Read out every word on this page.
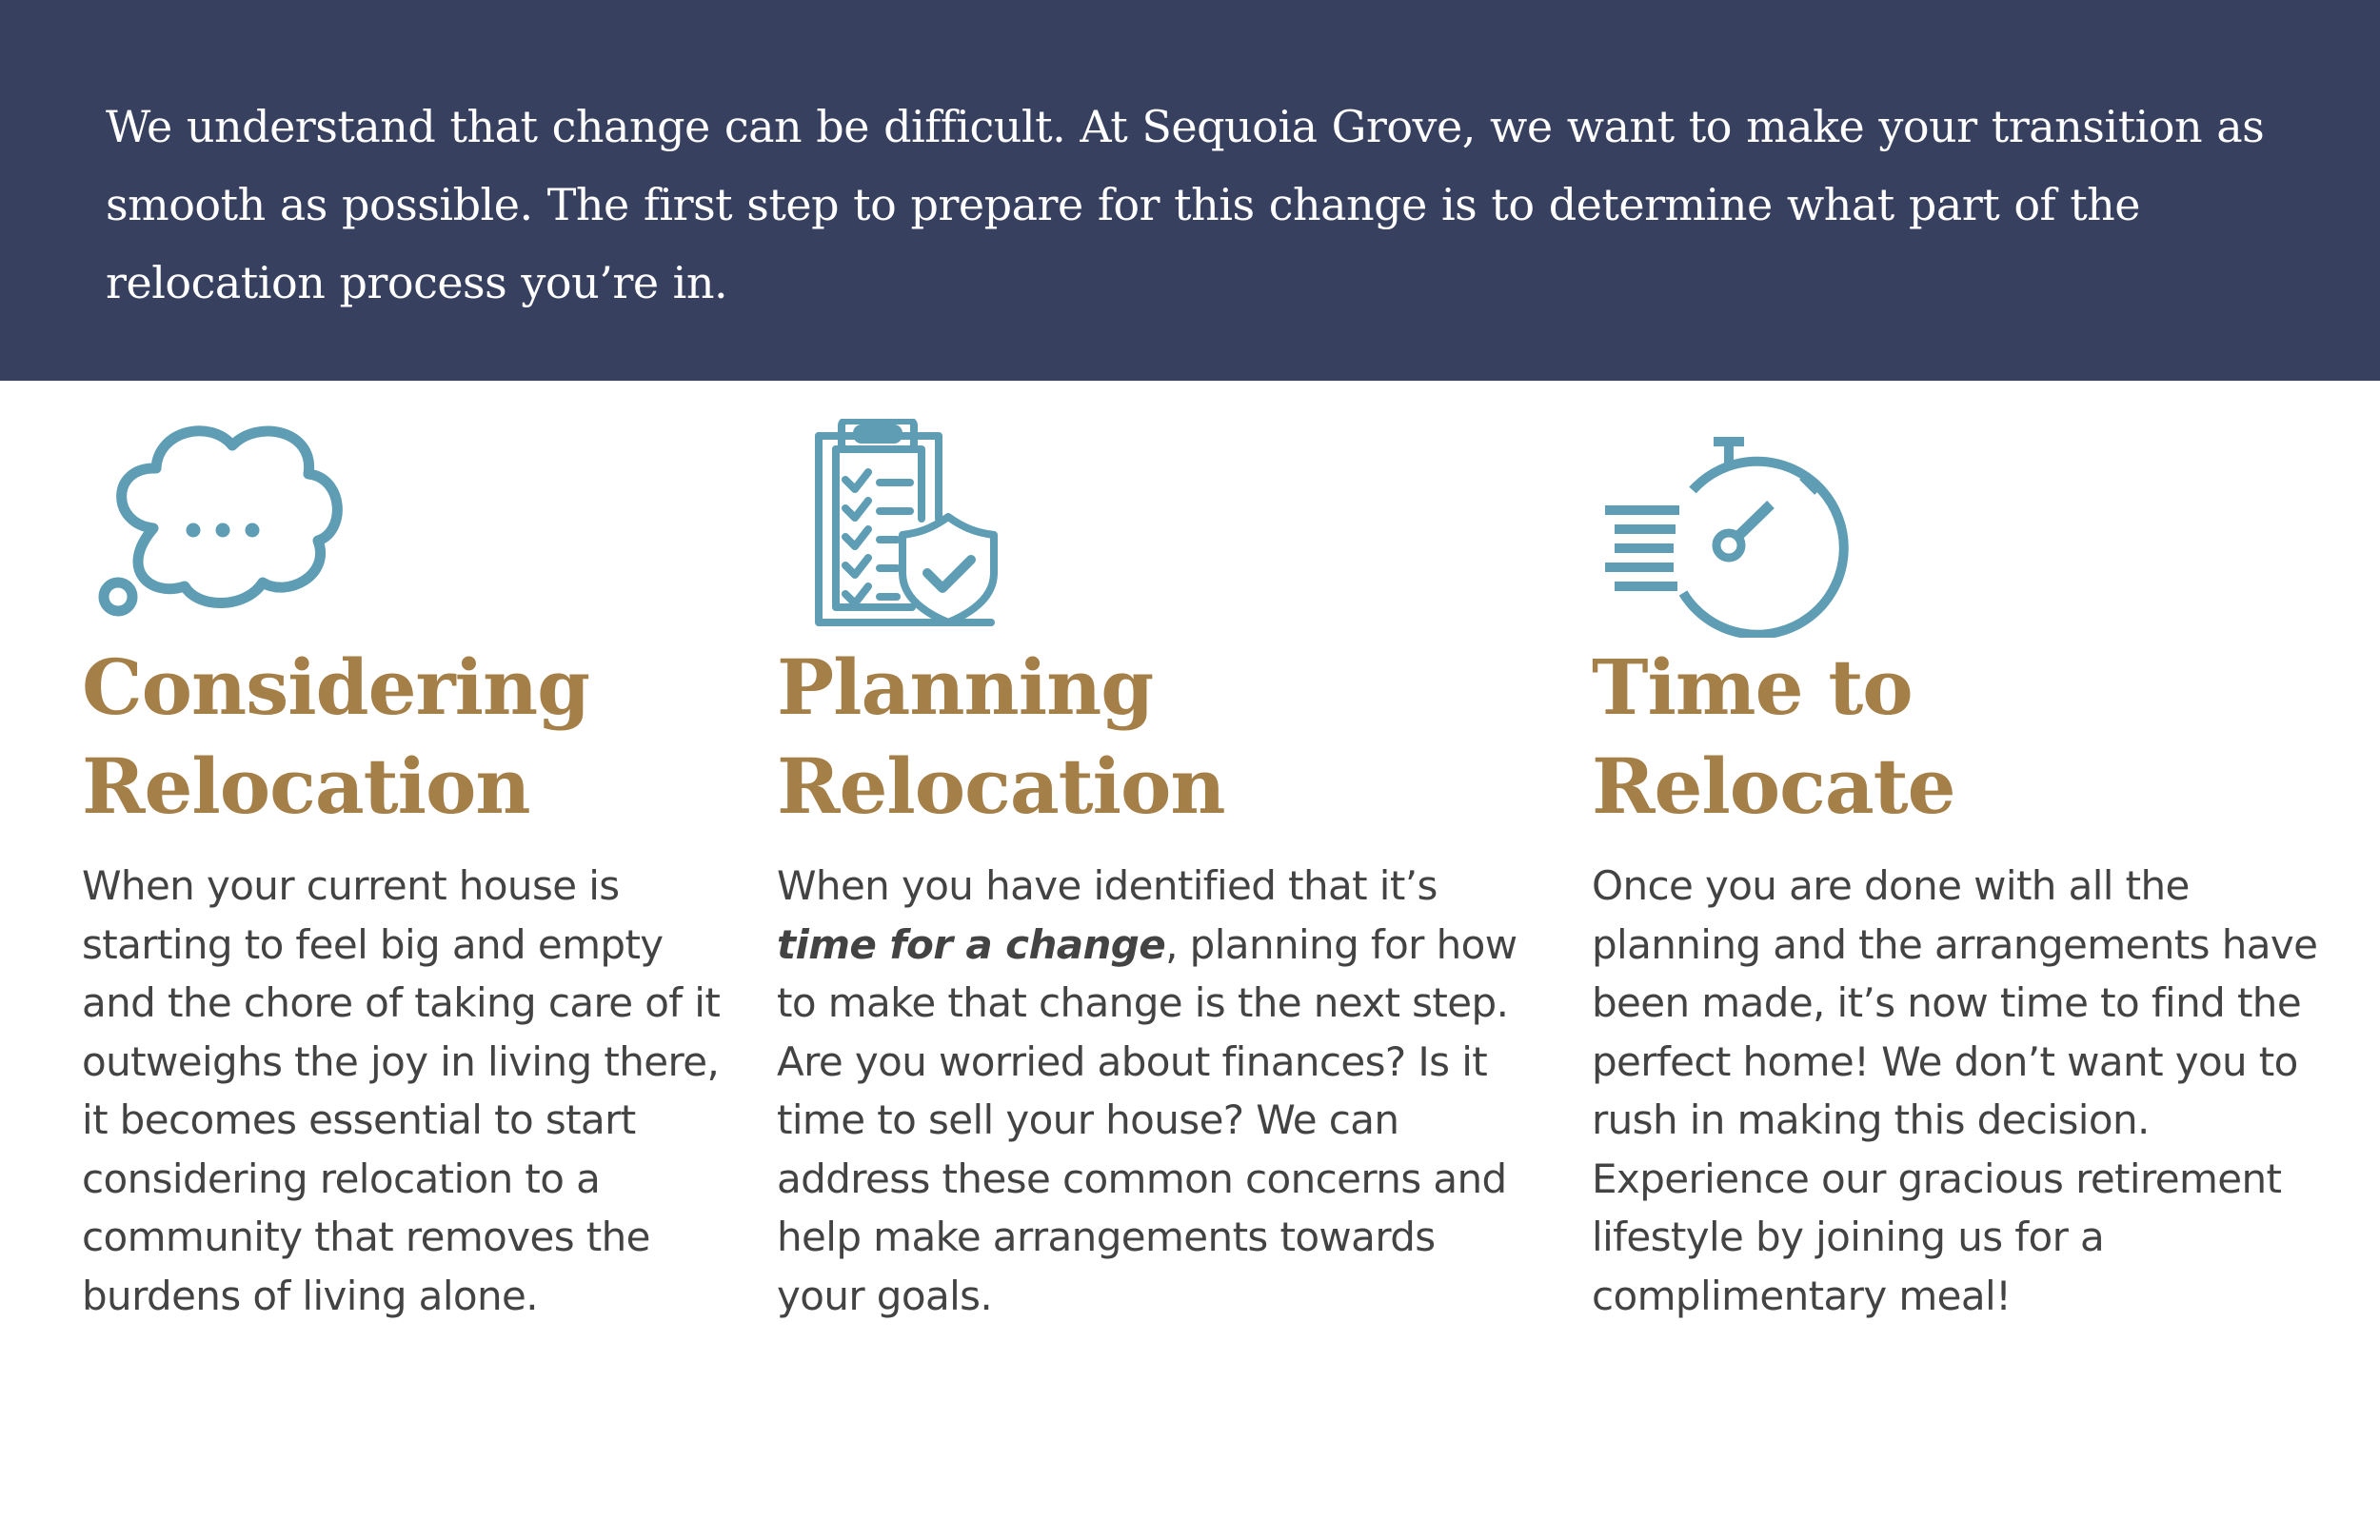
We understand that change can be difficult. At Sequoia Grove, we want to make your transition as smooth as possible. The first step to prepare for this change is to determine what part of the relocation process you’re in.

Considering
Relocation

When your current house is starting to feel big and empty and the chore of taking care of it outweighs the joy in living there, it becomes essential to start considering relocation to a community that removes the burdens of living alone.

Planning
Relocation

When you have identified that it’s time for a change, planning for how to make that change is the next step. Are you worried about finances? Is it time to sell your house? We can address these common concerns and help make arrangements towards your goals.

Time to
Relocate

Once you are done with all the planning and the arrangements have been made, it’s now time to find the perfect home! We don’t want you to rush in making this decision. Experience our gracious retirement lifestyle by joining us for a complimentary meal!
